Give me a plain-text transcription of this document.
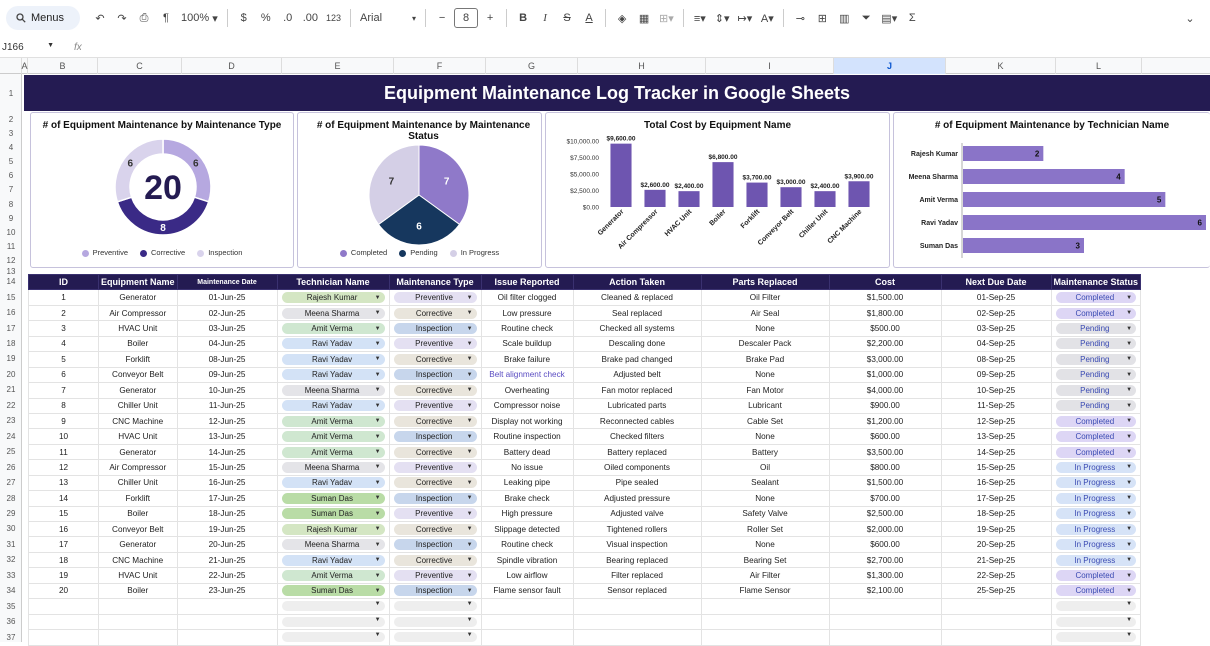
Menus	↶	↷	⎙	¶	100% ▾	$	%	.0 .00 123 Arial	▾	−	8	+	B	I	S	A	◈	▦ ⊞▾	≡▾ ⇕▾ ↦▾ A▾	⊸	⊞	▥	⏷ ▤▾	Σ	⌄
J166	▼ fx
A	B	C	D	E	F	G	H	I	J	K	L
1
2
3
4
5
6
7
8
9
10
11
12
13
14
15
16
17
18
19
20
21
22
23
24
25
26
27
28
29
30
31
32
33
34
35
36
37
Equipment Maintenance Log Tracker in Google Sheets
# of Equipment Maintenance by Maintenance Type
6
8
6
20
Preventive	Corrective	Inspection
# of Equipment Maintenance by Maintenance Status
7
6
7
Completed	Pending	In Progress
Total Cost by Equipment Name
$0.00
$2,500.00
$5,000.00
$7,500.00
$10,000.00 $9,600.00
Generator
$2,600.00
Air Compressor
$2,400.00
HVAC Unit
$6,800.00
Boiler
$3,700.00
Forklift
$3,000.00
Conveyor Belt
$2,400.00
Chiller Unit
$3,900.00
CNC Machine
# of Equipment Maintenance by Technician Name
Rajesh Kumar	2
Meena Sharma	4
Amit Verma	5
Ravi Yadav	6
Suman Das	3
ID	Equipment Name	Maintenance Date	Technician Name	Maintenance Type	Issue Reported	Action Taken	Parts Replaced	Cost	Next Due Date	Maintenance Status
1	Generator	01-Jun-25	Rajesh Kumar ▼	Preventive ▼	Oil filter clogged	Cleaned & replaced	Oil Filter	$1,500.00	01-Sep-25	Completed ▼

2	Air Compressor	02-Jun-25	Meena Sharma ▼	Corrective ▼	Low pressure	Seal replaced	Air Seal	$1,800.00	02-Sep-25	Completed ▼

3	HVAC Unit	03-Jun-25	Amit Verma ▼	Inspection ▼	Routine check	Checked all systems	None	$500.00	03-Sep-25	Pending ▼

4	Boiler	04-Jun-25	Ravi Yadav ▼	Preventive ▼	Scale buildup	Descaling done	Descaler Pack	$2,200.00	04-Sep-25	Pending ▼

5	Forklift	08-Jun-25	Ravi Yadav ▼	Corrective ▼	Brake failure	Brake pad changed	Brake Pad	$3,000.00	08-Sep-25	Pending ▼

6	Conveyor Belt	09-Jun-25	Ravi Yadav ▼	Inspection ▼	Belt alignment check	Adjusted belt	None	$1,000.00	09-Sep-25	Pending ▼

7	Generator	10-Jun-25	Meena Sharma ▼	Corrective ▼	Overheating	Fan motor replaced	Fan Motor	$4,000.00	10-Sep-25	Pending ▼

8	Chiller Unit	11-Jun-25	Ravi Yadav ▼	Preventive ▼	Compressor noise	Lubricated parts	Lubricant	$900.00	11-Sep-25	Pending ▼

9	CNC Machine	12-Jun-25	Amit Verma ▼	Corrective ▼	Display not working	Reconnected cables	Cable Set	$1,200.00	12-Sep-25	Completed ▼

10	HVAC Unit	13-Jun-25	Amit Verma ▼	Inspection ▼	Routine inspection	Checked filters	None	$600.00	13-Sep-25	Completed ▼

11	Generator	14-Jun-25	Amit Verma ▼	Corrective ▼	Battery dead	Battery replaced	Battery	$3,500.00	14-Sep-25	Completed ▼

12	Air Compressor	15-Jun-25	Meena Sharma ▼	Preventive ▼	No issue	Oiled components	Oil	$800.00	15-Sep-25	In Progress ▼

13	Chiller Unit	16-Jun-25	Ravi Yadav ▼	Corrective ▼	Leaking pipe	Pipe sealed	Sealant	$1,500.00	16-Sep-25	In Progress ▼

14	Forklift	17-Jun-25	Suman Das ▼	Inspection ▼	Brake check	Adjusted pressure	None	$700.00	17-Sep-25	In Progress ▼

15	Boiler	18-Jun-25	Suman Das ▼	Preventive ▼	High pressure	Adjusted valve	Safety Valve	$2,500.00	18-Sep-25	In Progress ▼

16	Conveyor Belt	19-Jun-25	Rajesh Kumar ▼	Corrective ▼	Slippage detected	Tightened rollers	Roller Set	$2,000.00	19-Sep-25	In Progress ▼

17	Generator	20-Jun-25	Meena Sharma ▼	Inspection ▼	Routine check	Visual inspection	None	$600.00	20-Sep-25	In Progress ▼

18	CNC Machine	21-Jun-25	Ravi Yadav ▼	Corrective ▼	Spindle vibration	Bearing replaced	Bearing Set	$2,700.00	21-Sep-25	In Progress ▼

19	HVAC Unit	22-Jun-25	Amit Verma ▼	Preventive ▼	Low airflow	Filter replaced	Air Filter	$1,300.00	22-Sep-25	Completed ▼

20	Boiler	23-Jun-25	Suman Das ▼	Inspection ▼	Flame sensor fault	Sensor replaced	Flame Sensor	$2,100.00	25-Sep-25	Completed ▼

			▼	▼						▼

			▼	▼						▼

			▼	▼						▼
